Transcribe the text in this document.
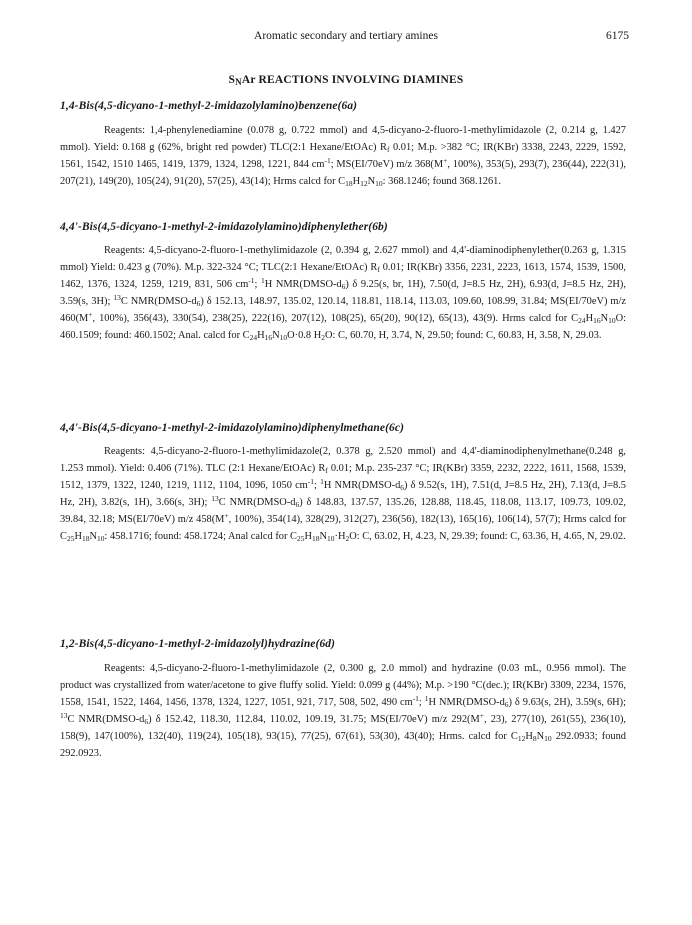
Aromatic secondary and tertiary amines	6175
$S_NAr$ REACTIONS INVOLVING DIAMINES
1,4-Bis(4,5-dicyano-1-methyl-2-imidazolylamino)benzene(6a)
Reagents: 1,4-phenylenediamine (0.078 g, 0.722 mmol) and 4,5-dicyano-2-fluoro-1-methylimidazole (2, 0.214 g, 1.427 mmol). Yield: 0.168 g (62%, bright red powder) TLC(2:1 Hexane/EtOAc) $R_f$ 0.01; M.p. >382 °C; IR(KBr) 3338, 2243, 2229, 1592, 1561, 1542, 1510 1465, 1419, 1379, 1324, 1298, 1221, 844 $cm^{-1}$; MS(EI/70eV) m/z 368(M+, 100%), 353(5), 293(7), 236(44), 222(31), 207(21), 149(20), 105(24), 91(20), 57(25), 43(14); Hrms calcd for $C_{18}H_{12}N_{10}$: 368.1246; found 368.1261.
4,4'-Bis(4,5-dicyano-1-methyl-2-imidazolylamino)diphenylether(6b)
Reagents: 4,5-dicyano-2-fluoro-1-methylimidazole (2, 0.394 g, 2.627 mmol) and 4,4'-diaminodiphenylether(0.263 g, 1.315 mmol) Yield: 0.423 g (70%). M.p. 322-324 °C; TLC(2:1 Hexane/EtOAc) $R_f$ 0.01; IR(KBr) 3356, 2231, 2223, 1613, 1574, 1539, 1500, 1462, 1376, 1324, 1259, 1219, 831, 506 $cm^{-1}$; $^1$H $NMR(DMSO-d_6)$ δ 9.25(s, br, 1H), 7.50(d, J=8.5 Hz, 2H), 6.93(d, J=8.5 Hz, 2H), 3.59(s, 3H); $^{13}$C $NMR(DMSO-d_6)$ δ 152.13, 148.97, 135.02, 120.14, 118.81, 118.14, 113.03, 109.60, 108.99, 31.84; MS(EI/70eV) m/z 460(M+, 100%), 356(43), 330(54), 238(25), 222(16), 207(12), 108(25), 65(20), 90(12), 65(13), 43(9). Hrms calcd for $C_{24}H_{16}N_{10}O$: 460.1509; found: 460.1502; Anal. calcd for $C_{24}H_{16}N_{10}O\cdot 0.8$ $H_2O$: C, 60.70, H, 3.74, N, 29.50; found: C, 60.83, H, 3.58, N, 29.03.
4,4'-Bis(4,5-dicyano-1-methyl-2-imidazolylamino)diphenylmethane(6c)
Reagents: 4,5-dicyano-2-fluoro-1-methylimidazole(2, 0.378 g, 2.520 mmol) and 4,4'-diaminodiphenylmethane(0.248 g, 1.253 mmol). Yield: 0.406 (71%). TLC (2:1 Hexane/EtOAc) $R_f$ 0.01; M.p. 235-237 °C; IR(KBr) 3359, 2232, 2222, 1611, 1568, 1539, 1512, 1379, 1322, 1240, 1219, 1112, 1104, 1096, 1050 $cm^{-1}$; $^1$H $NMR(DMSO-d_6)$ δ 9.52(s, 1H), 7.51(d, J=8.5 Hz, 2H), 7.13(d, J=8.5 Hz, 2H), 3.82(s, 1H), 3.66(s, 3H); $^{13}$C $NMR(DMSO-d_6)$ δ 148.83, 137.57, 135.26, 128.88, 118.45, 118.08, 113.17, 109.73, 109.02, 39.84, 32.18; MS(EI/70eV) m/z 458(M+, 100%), 354(14), 328(29), 312(27), 236(56), 182(13), 165(16), 106(14), 57(7); Hrms calcd for $C_{25}H_{18}N_{10}$: 458.1716; found: 458.1724; Anal calcd for $C_{25}H_{18}N_{10}\cdot H_2O$: C, 63.02, H, 4.23, N, 29.39; found: C, 63.36, H, 4.65, N, 29.02.
1,2-Bis(4,5-dicyano-1-methyl-2-imidazolyl)hydrazine(6d)
Reagents: 4,5-dicyano-2-fluoro-1-methylimidazole (2, 0.300 g, 2.0 mmol) and hydrazine (0.03 mL, 0.956 mmol). The product was crystallized from water/acetone to give fluffy solid. Yield: 0.099 g (44%); M.p. >190 °C(dec.); IR(KBr) 3309, 2234, 1576, 1558, 1541, 1522, 1464, 1456, 1378, 1324, 1227, 1051, 921, 717, 508, 502, 490 $cm^{-1}$; $^1$H $NMR(DMSO-d_6)$ δ 9.63(s, 2H), 3.59(s, 6H); $^{13}$C $NMR(DMSO-d_6)$ δ 152.42, 118.30, 112.84, 110.02, 109.19, 31.75; MS(EI/70eV) m/z 292(M+, 23), 277(10), 261(55), 236(10), 158(9), 147(100%), 132(40), 119(24), 105(18), 93(15), 77(25), 67(61), 53(30), 43(40); Hrms. calcd for $C_{12}H_8N_{10}$ 292.0933; found 292.0923.
